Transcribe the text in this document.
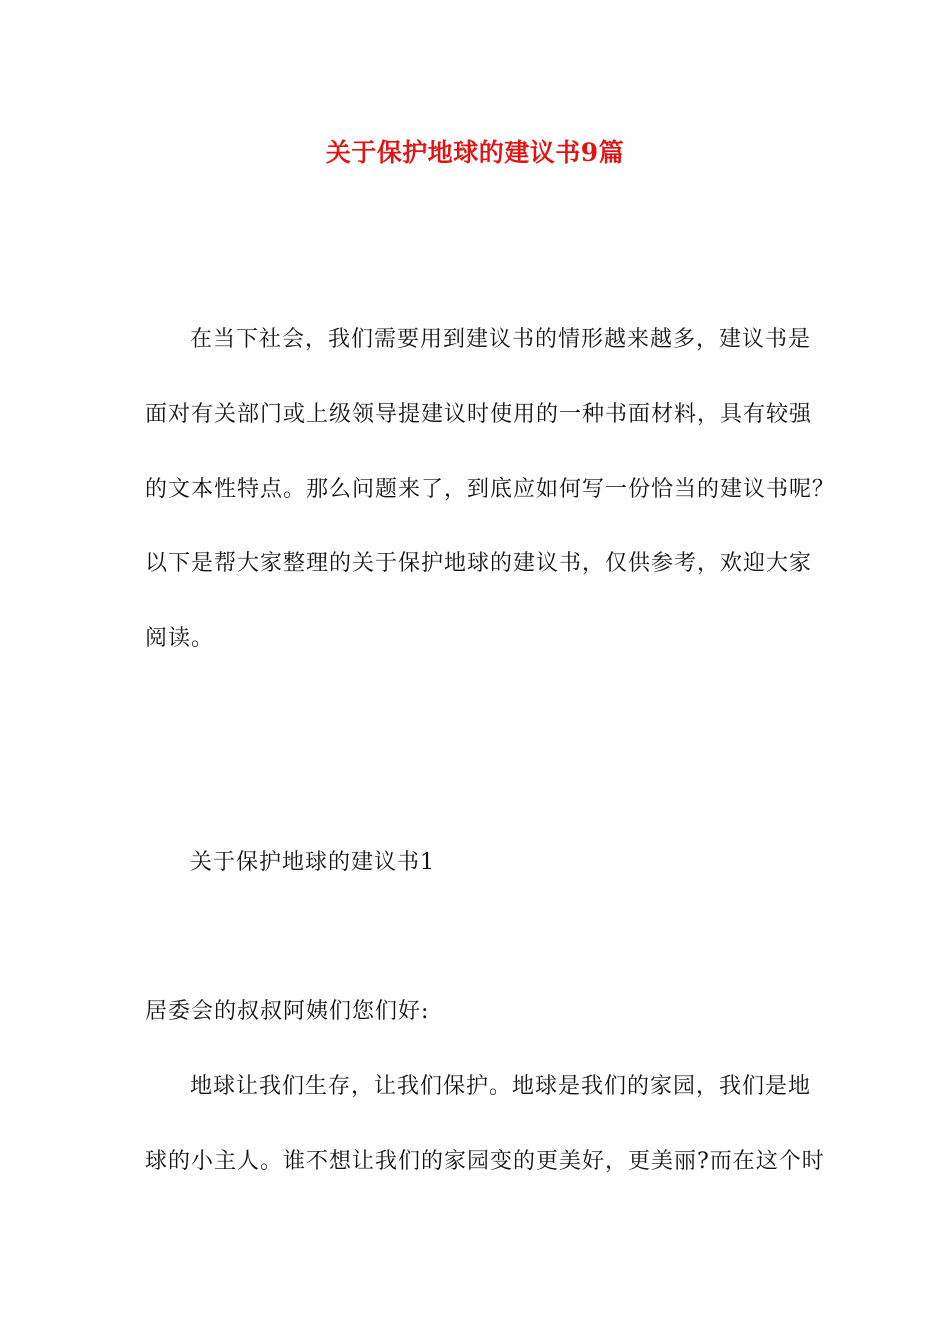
关于保护地球的建议书9篇
在当下社会，我们需要用到建议书的情形越来越多，建议书是
面对有关部门或上级领导提建议时使用的一种书面材料，具有较强
的文本性特点。那么问题来了，到底应如何写一份恰当的建议书呢？
以下是帮大家整理的关于保护地球的建议书，仅供参考，欢迎大家
阅读。
关于保护地球的建议书1
居委会的叔叔阿姨们您们好:
地球让我们生存，让我们保护。地球是我们的家园，我们是地
球的小主人。谁不想让我们的家园变的更美好，更美丽?而在这个时
